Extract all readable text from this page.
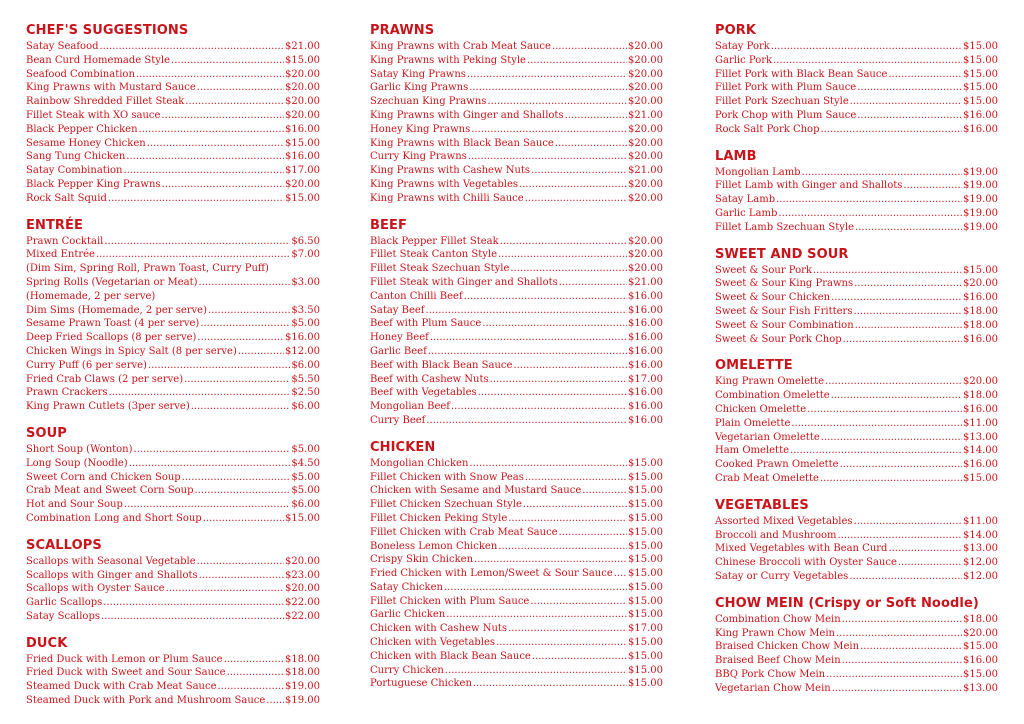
CHEF'S SUGGESTIONS
Satay Seafood .....	$21.00
Bean Curd Homemade Style .....	$15.00
Seafood Combination .....	$20.00
King Prawns with Mustard Sauce .....	$20.00
Rainbow Shredded Fillet Steak .....	$20.00
Fillet Steak with XO sauce .....	$20.00
Black Pepper Chicken .....	$16.00
Sesame Honey Chicken .....	$15.00
Sang Tung Chicken .....	$16.00
Satay Combination .....	$17.00
Black Pepper King Prawns .....	$20.00
Rock Salt Squid .....	$15.00
ENTRÉE
Prawn Cocktail .....	$6.50
Mixed Entrée .....	$7.00
(Dim Sim, Spring Roll, Prawn Toast, Curry Puff)
Spring Rolls (Vegetarian or Meat) .....	$3.00
(Homemade, 2 per serve)
Dim Sims (Homemade, 2 per serve) .....	$3.50
Sesame Prawn Toast (4 per serve) .....	$5.00
Deep Fried Scallops (8 per serve) .....	$16.00
Chicken Wings in Spicy Salt (8 per serve) .....	$12.00
Curry Puff (6 per serve) .....	$6.00
Fried Crab Claws (2 per serve) .....	$5.50
Prawn Crackers .....	$2.50
King Prawn Cutlets (3per serve) .....	$6.00
SOUP
Short Soup (Wonton) .....	$5.00
Long Soup (Noodle) .....	$4.50
Sweet Corn and Chicken Soup .....	$5.00
Crab Meat and Sweet Corn Soup .....	$5.00
Hot and Sour Soup .....	$6.00
Combination Long and Short Soup .....	$15.00
SCALLOPS
Scallops with Seasonal Vegetable .....	$20.00
Scallops with Ginger and Shallots .....	$23.00
Scallops with Oyster Sauce .....	$20.00
Garlic Scallops .....	$22.00
Satay Scallops .....	$22.00
DUCK
Fried Duck with Lemon or Plum Sauce .....	$18.00
Fried Duck with Sweet and Sour Sauce .....	$18.00
Steamed Duck with Crab Meat Sauce .....	$19.00
Steamed Duck with Pork and Mushroom Sauce ..... $19.00
PRAWNS
King Prawns with Crab Meat Sauce .....	$20.00
King Prawns with Peking Style .....	$20.00
Satay King Prawns .....	$20.00
Garlic King Prawns .....	$20.00
Szechuan King Prawns .....	$20.00
King Prawns with Ginger and Shallots .....	$21.00
Honey King Prawns .....	$20.00
King Prawns with Black Bean Sauce .....	$20.00
Curry King Prawns .....	$20.00
King Prawns with Cashew Nuts .....	$21.00
King Prawns with Vegetables .....	$20.00
King Prawns with Chilli Sauce .....	$20.00
BEEF
Black Pepper Fillet Steak .....	$20.00
Fillet Steak Canton Style .....	$20.00
Fillet Steak Szechuan Style .....	$20.00
Fillet Steak with Ginger and Shallots .....	$21.00
Canton Chilli Beef .....	$16.00
Satay Beef .....	$16.00
Beef with Plum Sauce .....	$16.00
Honey Beef .....	$16.00
Garlic Beef .....	$16.00
Beef with Black Bean Sauce .....	$16.00
Beef with Cashew Nuts .....	$17.00
Beef with Vegetables .....	$16.00
Mongolian Beef .....	$16.00
Curry Beef .....	$16.00
CHICKEN
Mongolian Chicken .....	$15.00
Fillet Chicken with Snow Peas .....	$15.00
Chicken with Sesame and Mustard Sauce .....	$15.00
Fillet Chicken Szechuan Style .....	$15.00
Fillet Chicken Peking Style .....	$15.00
Fillet Chicken with Crab Meat Sauce .....	$15.00
Boneless Lemon Chicken .....	$15.00
Crispy Skin Chicken .....	$15.00
Fried Chicken with Lemon/Sweet & Sour Sauce ..... $15.00
Satay Chicken .....	$15.00
Fillet Chicken with Plum Sauce .....	$15.00
Garlic Chicken .....	$15.00
Chicken with Cashew Nuts .....	$17.00
Chicken with Vegetables .....	$15.00
Chicken with Black Bean Sauce .....	$15.00
Curry Chicken .....	$15.00
Portuguese Chicken .....	$15.00
PORK
Satay Pork .....	$15.00
Garlic Pork .....	$15.00
Fillet Pork with Black Bean Sauce .....	$15.00
Fillet Pork with Plum Sauce .....	$15.00
Fillet Pork Szechuan Style .....	$15.00
Pork Chop with Plum Sauce .....	$16.00
Rock Salt Pork Chop .....	$16.00
LAMB
Mongolian Lamb .....	$19.00
Fillet Lamb with Ginger and Shallots .....	$19.00
Satay Lamb .....	$19.00
Garlic Lamb .....	$19.00
Fillet Lamb Szechuan Style .....	$19.00
SWEET AND SOUR
Sweet & Sour Pork .....	$15.00
Sweet & Sour King Prawns .....	$20.00
Sweet & Sour Chicken .....	$16.00
Sweet & Sour Fish Fritters .....	$18.00
Sweet & Sour Combination .....	$18.00
Sweet & Sour Pork Chop .....	$16.00
OMELETTE
King Prawn Omelette .....	$20.00
Combination Omelette .....	$18.00
Chicken Omelette .....	$16.00
Plain Omelette .....	$11.00
Vegetarian Omelette .....	$13.00
Ham Omelette .....	$14.00
Cooked Prawn Omelette .....	$16.00
Crab Meat Omelette .....	$15.00
VEGETABLES
Assorted Mixed Vegetables .....	$11.00
Broccoli and Mushroom .....	$14.00
Mixed Vegetables with Bean Curd .....	$13.00
Chinese Broccoli with Oyster Sauce .....	$12.00
Satay or Curry Vegetables .....	$12.00
CHOW MEIN (Crispy or Soft Noodle)
Combination Chow Mein .....	$18.00
King Prawn Chow Mein .....	$20.00
Braised Chicken Chow Mein .....	$15.00
Braised Beef Chow Mein .....	$16.00
BBQ Pork Chow Mein .....	$15.00
Vegetarian Chow Mein .....	$13.00
